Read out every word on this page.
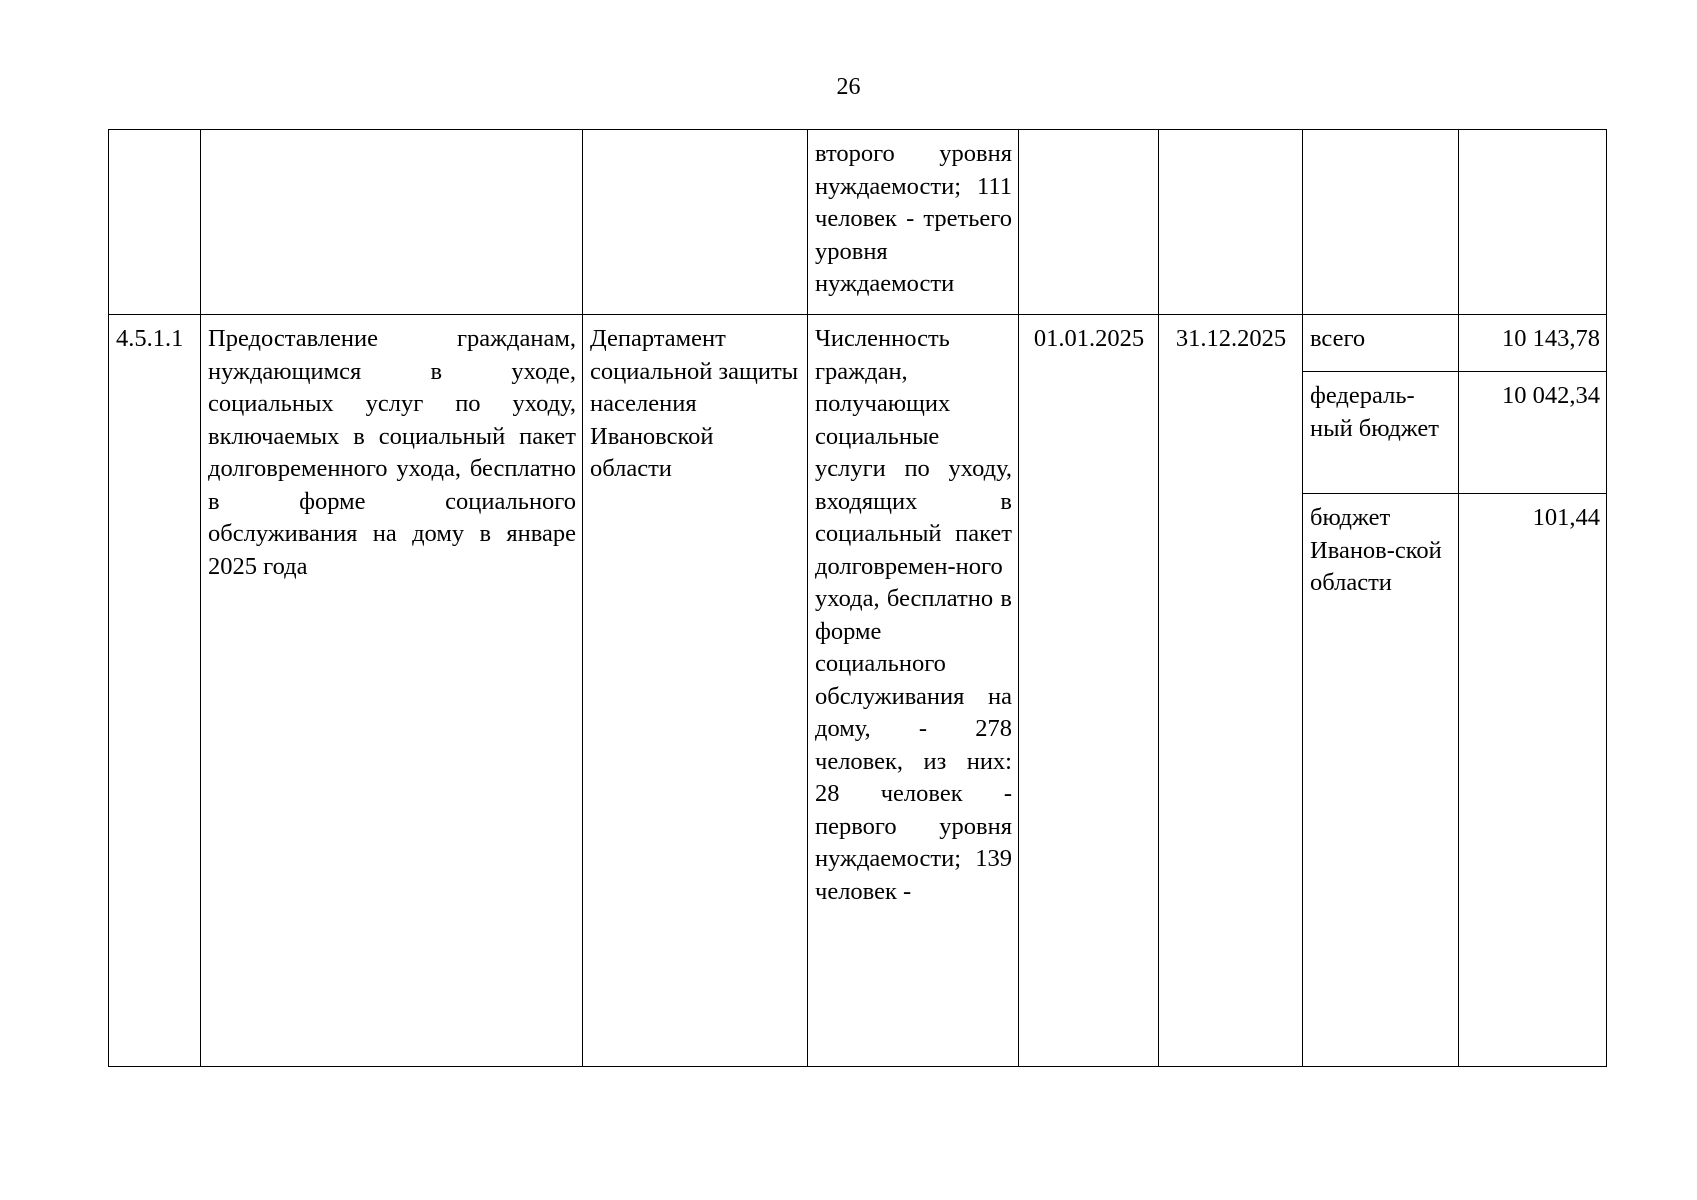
26
			второго уровня нуждаемости; 111 человек - третьего уровня нуждаемости				
4.5.1.1	Предоставление гражданам, нуждающимся в уходе, социальных услуг по уходу, включаемых в социальный пакет долговременного ухода, бесплатно в форме социального обслуживания на дому в январе 2025 года	Департамент социальной защиты населения Ивановской области	Численность граждан, получающих социальные услуги по уходу, входящих в социальный пакет долговремен-ного ухода, бесплатно в форме социального обслуживания на дому, - 278 человек, из них: 28 человек - первого уровня нуждаемости; 139 человек -	01.01.2025	31.12.2025	всего	10 143,78
						федераль-ный бюджет	10 042,34
						бюджет Иванов-ской области	101,44
